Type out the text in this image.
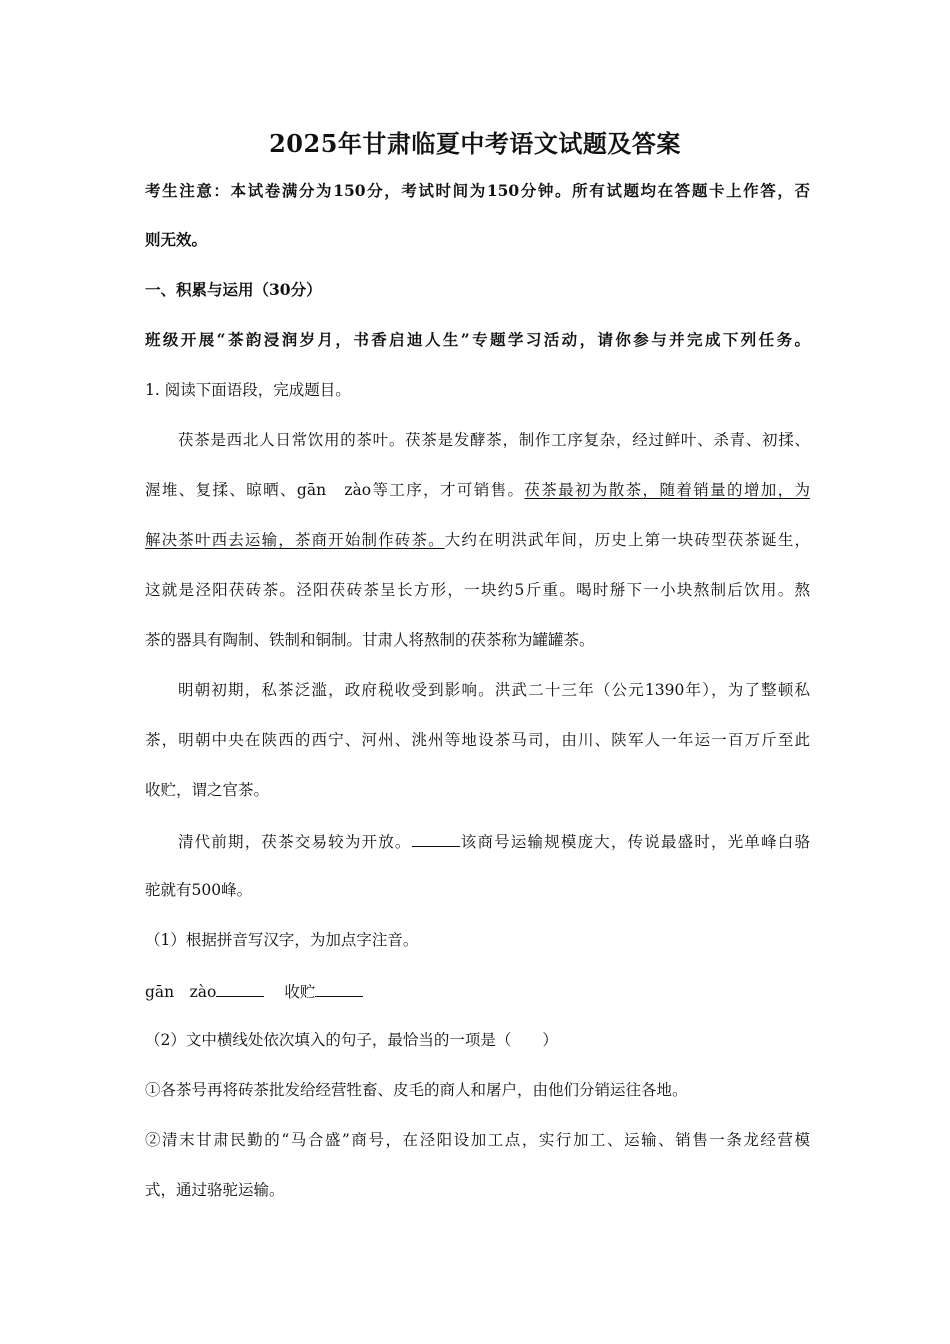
2025年甘肃临夏中考语文试题及答案
考生注意：本试卷满分为150分，考试时间为150分钟。所有试题均在答题卡上作答，否
则无效。
一、积累与运用（30分）
班级开展“茶韵浸润岁月，书香启迪人生”专题学习活动，请你参与并完成下列任务。
1. 阅读下面语段，完成题目。
茯茶是西北人日常饮用的茶叶。茯茶是发酵茶，制作工序复杂，经过鲜叶、杀青、初揉、
渥堆、复揉、晾晒、gān　zào等工序，才可销售。茯茶最初为散茶，随着销量的增加，为
解决茶叶西去运输，茶商开始制作砖茶。大约在明洪武年间，历史上第一块砖型茯茶诞生，
这就是泾阳茯砖茶。泾阳茯砖茶呈长方形，一块约5斤重。喝时掰下一小块熬制后饮用。熬
茶的器具有陶制、铁制和铜制。甘肃人将熬制的茯茶称为罐罐茶。
明朝初期，私茶泛滥，政府税收受到影响。洪武二十三年（公元1390年），为了整顿私
茶，明朝中央在陕西的西宁、河州、洮州等地设茶马司，由川、陕军人一年运一百万斤至此
收贮，谓之官茶。
清代前期，茯茶交易较为开放。	该商号运输规模庞大，传说最盛时，光单峰白骆
驼就有500峰。
（1）根据拼音写汉字，为加点字注音。
gān　zào	收贮
（2）文中横线处依次填入的句子，最恰当的一项是（　　）
①各茶号再将砖茶批发给经营牲畜、皮毛的商人和屠户，由他们分销运往各地。
②清末甘肃民勤的“马合盛”商号，在泾阳设加工点，实行加工、运输、销售一条龙经营模
式，通过骆驼运输。
